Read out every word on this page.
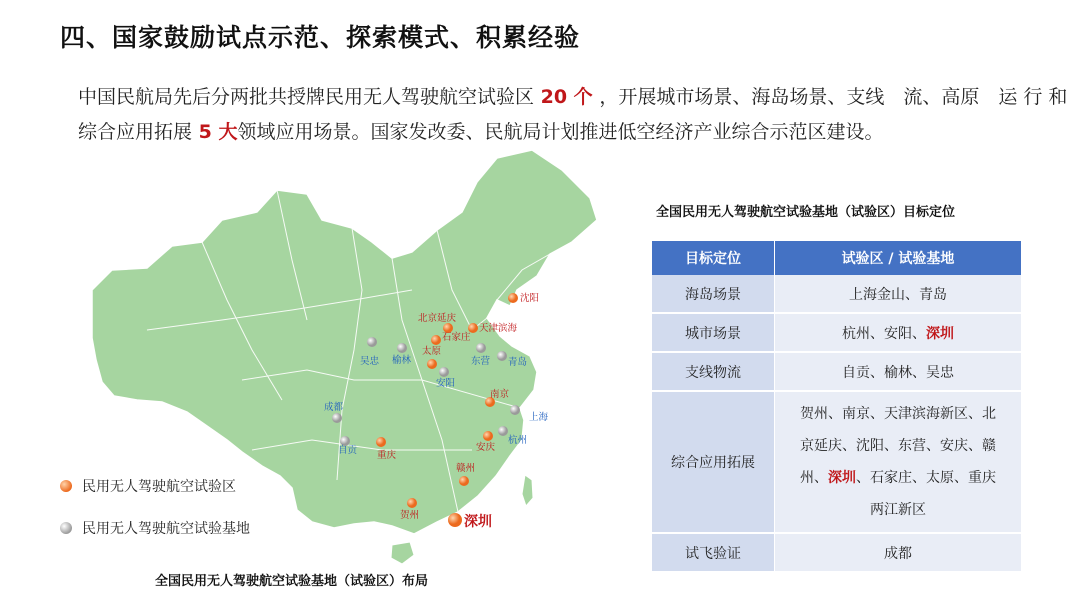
四、国家鼓励试点示范、探索模式、积累经验
中国民航局先后分两批共授牌民用无人驾驶航空试验区 20 个 ，开展城市场景、海岛场景、支线　流、高原　运 行 和综合应用拓展 5 大领域应用场景。国家发改委、民航局计划推进低空经济产业综合示范区建设。
沈阳
北京延庆
天津滨海
石家庄
太原
吴忠 榆林	东营 青岛
安阳
南京
上海
成都
安庆
杭州
自贡 重庆
赣州
贺州	深圳
民用无人驾驶航空试验区
民用无人驾驶航空试验基地
全国民用无人驾驶航空试验基地（试验区）布局
全国民用无人驾驶航空试验基地（试验区）目标定位
目标定位	试验区 / 试验基地
海岛场景	上海金山、青岛
城市场景	杭州、安阳、深圳
支线物流	自贡、榆林、吴忠
综合应用拓展	贺州、南京、天津滨海新区、北
京延庆、沈阳、东营、安庆、赣
州、深圳、石家庄、太原、重庆
两江新区

试飞验证	成都
